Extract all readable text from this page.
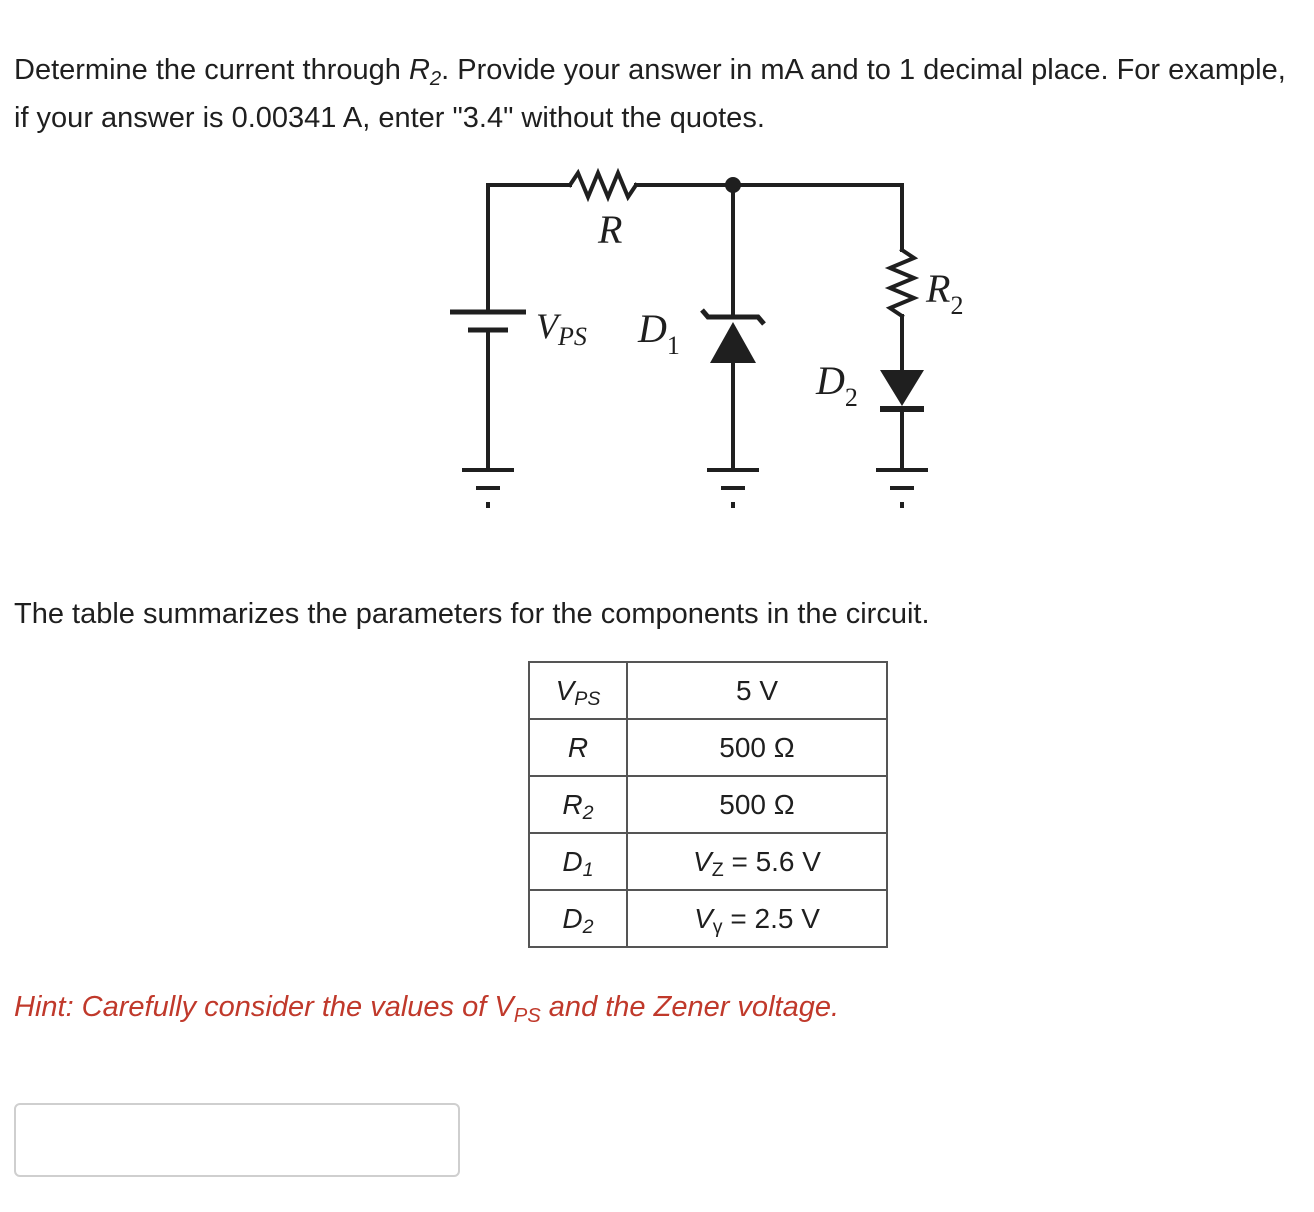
Determine the current through $R_2$. Provide your answer in mA and to 1 decimal place. For example, if your answer is 0.00341 A, enter "3.4" without the quotes.

R
$R_2$
VPS $D_1$
$D_2$

The table summarizes the parameters for the components in the circuit.

$V_{PS}$	5 V
R	500 Ω
$R_2$	500 Ω
$D_1$	$V_Z = 5.6$ V
$D_2$	$V_\gamma = 2.5$ V

Hint: Carefully consider the values of $V_{PS}$ and the Zener voltage.
